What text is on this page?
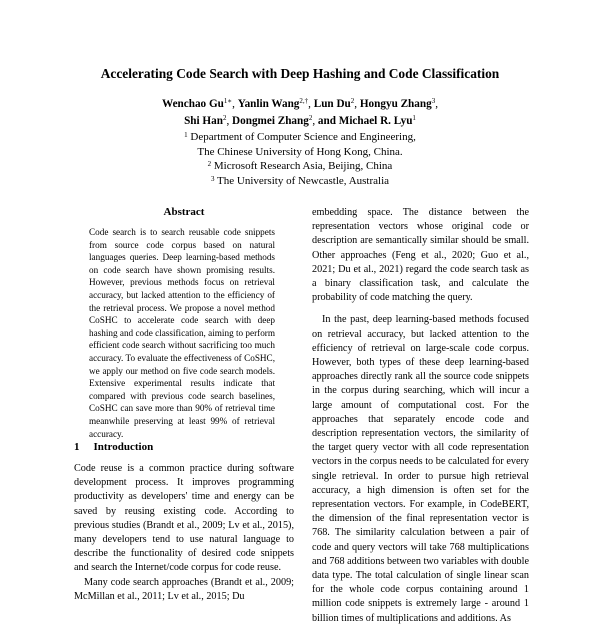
Accelerating Code Search with Deep Hashing and Code Classification
Wenchao $Gu^{1∗}$, Yanlin Wang$^{2,\dagger}$, Lun Du$^2$, Hongyu Zhang$^3$,
Shi Han$^2$, Dongmei Zhang$^2$, and Michael R. Lyu$^1$
$^1$ Department of Computer Science and Engineering,
The Chinese University of Hong Kong, China.
$^2$ Microsoft Research Asia, Beijing, China
$^3$ The University of Newcastle, Australia
Abstract
Code search is to search reusable code snippets from source code corpus based on natural languages queries. Deep learning-based methods on code search have shown promising results. However, previous methods focus on retrieval accuracy, but lacked attention to the efficiency of the retrieval process. We propose a novel method CoSHC to accelerate code search with deep hashing and code classification, aiming to perform efficient code search without sacrificing too much accuracy. To evaluate the effectiveness of CoSHC, we apply our method on five code search models. Extensive experimental results indicate that compared with previous code search baselines, CoSHC can save more than 90% of retrieval time meanwhile preserving at least 99% of retrieval accuracy.
1 Introduction

Code reuse is a common practice during software development process. It improves programming productivity as developers' time and energy can be saved by reusing existing code. According to previous studies (Brandt et al., 2009; Lv et al., 2015), many developers tend to use natural language to describe the functionality of desired code snippets and search the Internet/code corpus for code reuse.

Many code search approaches (Brandt et al., 2009; McMillan et al., 2011; Lv et al., 2015; Du

embedding space. The distance between the representation vectors whose original code or description are semantically similar should be small. Other approaches (Feng et al., 2020; Guo et al., 2021; Du et al., 2021) regard the code search task as a binary classification task, and calculate the probability of code matching the query.

In the past, deep learning-based methods focused on retrieval accuracy, but lacked attention to the efficiency of retrieval on large-scale code corpus. However, both types of these deep learning-based approaches directly rank all the source code snippets in the corpus during searching, which will incur a large amount of computational cost. For the approaches that separately encode code and description representation vectors, the similarity of the target query vector with all code representation vectors in the corpus needs to be calculated for every single retrieval. In order to pursue high retrieval accuracy, a high dimension is often set for the representation vectors. For example, in CodeBERT, the dimension of the final representation vector is 768. The similarity calculation between a pair of code and query vectors will take 768 multiplications and 768 additions between two variables with double data type. The total calculation of single linear scan for the whole code corpus containing around 1 million code snippets is extremely large - around 1 billion times of multiplications and additions. As
